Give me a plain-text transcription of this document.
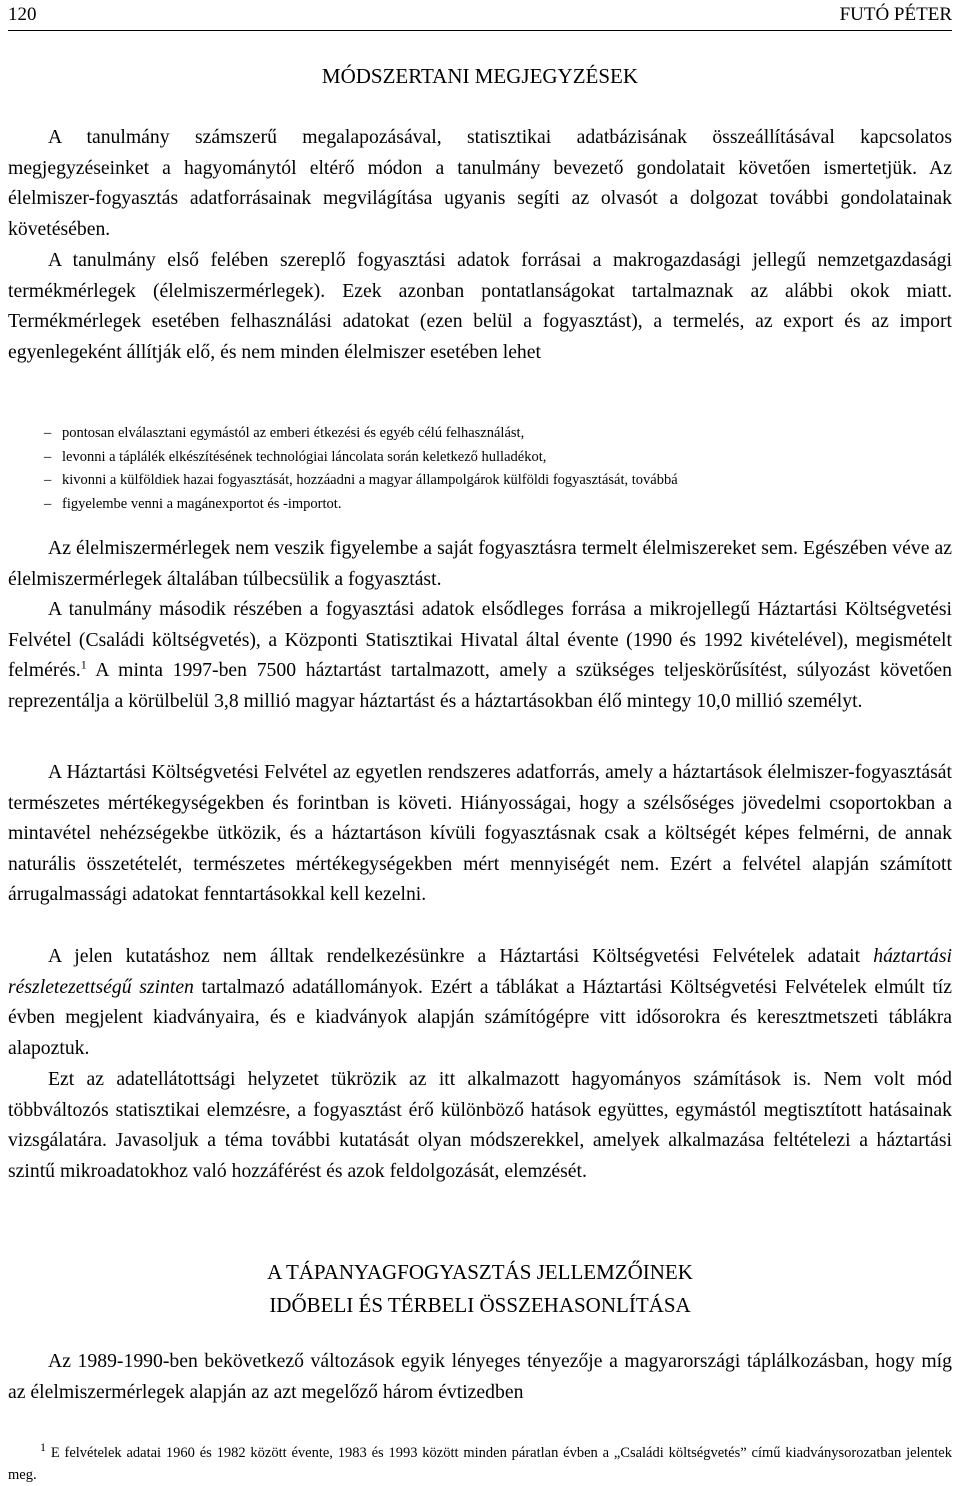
120	FUTÓ PÉTER
MÓDSZERTANI MEGJEGYZÉSEK

A tanulmány számszerű megalapozásával, statisztikai adatbázisának összeállításával kapcsolatos megjegyzéseinket a hagyománytól eltérő módon a tanulmány bevezető gondolatait követően ismertetjük. Az élelmiszer-fogyasztás adatforrásainak megvilágítása ugyanis segíti az olvasót a dolgozat további gondolatainak követésében.

A tanulmány első felében szereplő fogyasztási adatok forrásai a makrogazdasági jellegű nemzetgazdasági termékmérlegek (élelmiszermérlegek). Ezek azonban pontatlanságokat tartalmaznak az alábbi okok miatt. Termékmérlegek esetében felhasználási adatokat (ezen belül a fogyasztást), a termelés, az export és az import egyenlegeként állítják elő, és nem minden élelmiszer esetében lehet

– pontosan elválasztani egymástól az emberi étkezési és egyéb célú felhasználást,
– levonni a táplálék elkészítésének technológiai láncolata során keletkező hulladékot,
– kivonni a külföldiek hazai fogyasztását, hozzáadni a magyar állampolgárok külföldi fogyasztását, továbbá
– figyelembe venni a magánexportot és -importot.

Az élelmiszermérlegek nem veszik figyelembe a saját fogyasztásra termelt élelmiszereket sem. Egészében véve az élelmiszermérlegek általában túlbecsülik a fogyasztást.

A tanulmány második részében a fogyasztási adatok elsődleges forrása a mikrojellegű Háztartási Költségvetési Felvétel (Családi költségvetés), a Központi Statisztikai Hivatal által évente (1990 és 1992 kivételével), megismételt felmérés.$^1$ A minta 1997-ben 7500 háztartást tartalmazott, amely a szükséges teljeskörűsítést, súlyozást követően reprezentálja a körülbelül 3,8 millió magyar háztartást és a háztartásokban élő mintegy 10,0 millió személyt.

A Háztartási Költségvetési Felvétel az egyetlen rendszeres adatforrás, amely a háztartások élelmiszer-fogyasztását természetes mértékegységekben és forintban is követi. Hiányosságai, hogy a szélsőséges jövedelmi csoportokban a mintavétel nehézségekbe ütközik, és a háztartáson kívüli fogyasztásnak csak a költségét képes felmérni, de annak naturális összetételét, természetes mértékegységekben mért mennyiségét nem. Ezért a felvétel alapján számított árrugalmassági adatokat fenntartásokkal kell kezelni.

A jelen kutatáshoz nem álltak rendelkezésünkre a Háztartási Költségvetési Felvételek adatait háztartási részletezettségű szinten tartalmazó adatállományok. Ezért a táblákat a Háztartási Költségvetési Felvételek elmúlt tíz évben megjelent kiadványaira, és e kiadványok alapján számítógépre vitt idősorokra és keresztmetszeti táblákra alapoztuk.

Ezt az adatellátottsági helyzetet tükrözik az itt alkalmazott hagyományos számítások is. Nem volt mód többváltozós statisztikai elemzésre, a fogyasztást érő különböző hatások együttes, egymástól megtisztított hatásainak vizsgálatára. Javasoljuk a téma további kutatását olyan módszerekkel, amelyek alkalmazása feltételezi a háztartási szintű mikroadatokhoz való hozzáférést és azok feldolgozását, elemzését.

A TÁPANYAGFOGYASZTÁS JELLEMZŐINEK
IDŐBELI ÉS TÉRBELI ÖSSZEHASONLÍTÁSA

Az 1989-1990-ben bekövetkező változások egyik lényeges tényezője a magyarországi táplálkozásban, hogy míg az élelmiszermérlegek alapján az azt megelőző három évtizedben

$^1$ E felvételek adatai 1960 és 1982 között évente, 1983 és 1993 között minden páratlan évben a „Családi költségvetés” című kiadványsorozatban jelentek meg.
